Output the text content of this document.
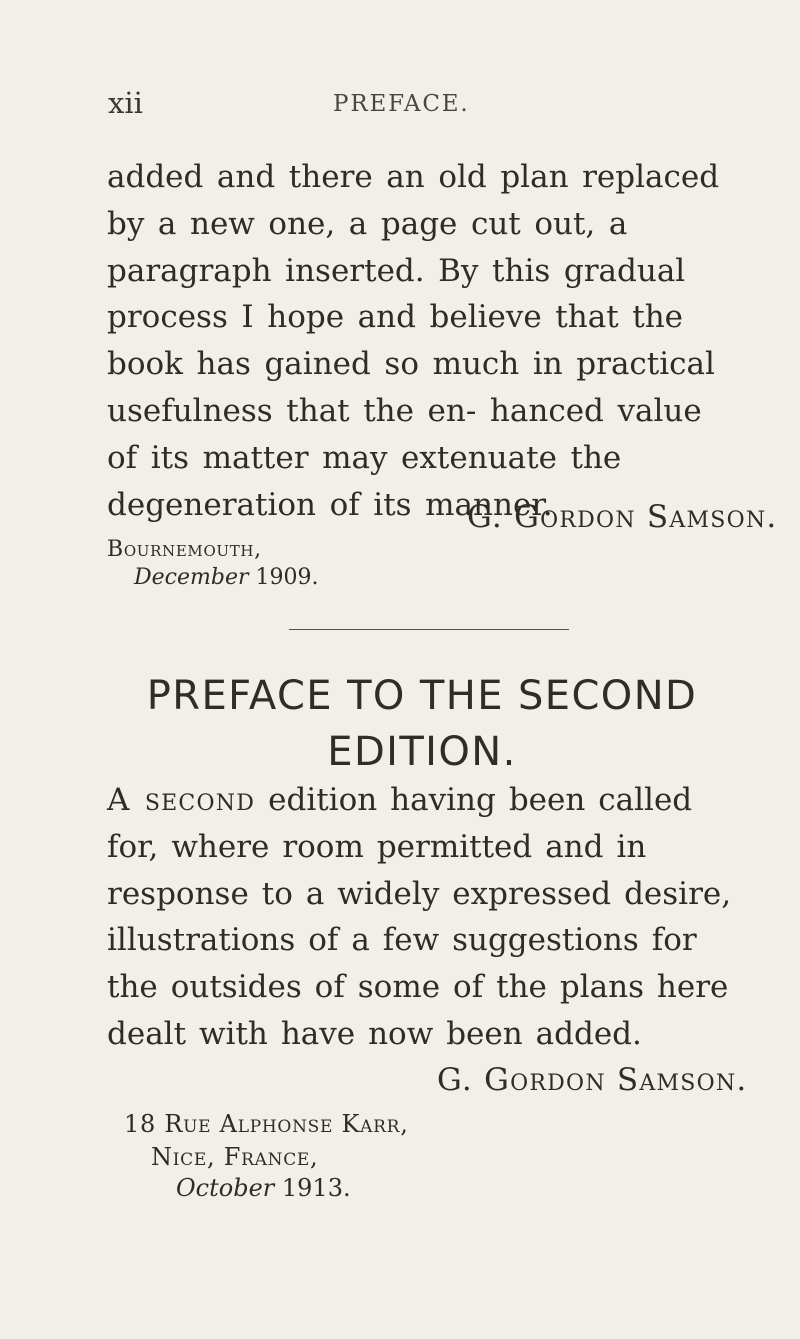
xii	PREFACE.
added and there an old plan replaced by a new one, a page cut out, a paragraph inserted. By this gradual process I hope and believe that the book has gained so much in practical usefulness that the en- hanced value of its matter may extenuate the degeneration of its manner.
G. Gordon Samson.
Bournemouth,
December 1909.
PREFACE TO THE SECOND EDITION.
A second edition having been called for, where room permitted and in response to a widely expressed desire, illustrations of a few suggestions for the outsides of some of the plans here dealt with have now been added.
G. Gordon Samson.
18 Rue Alphonse Karr,
Nice, France,
October 1913.
